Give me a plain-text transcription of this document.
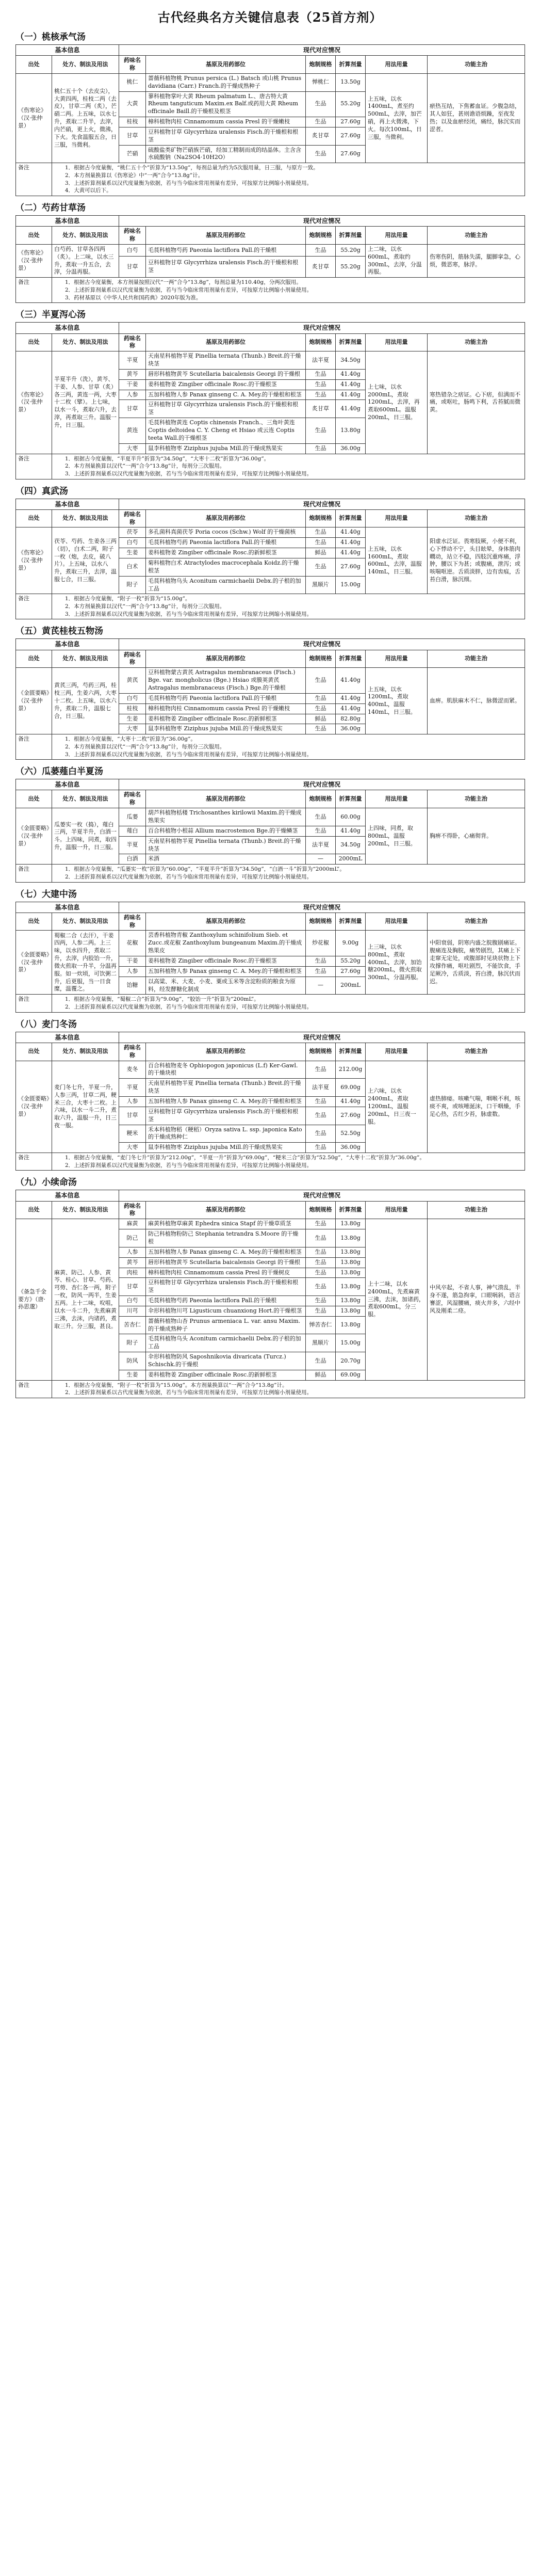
古代经典名方关键信息表（25首方剂）
（一）桃核承气汤
基本信息		现代对应情况					
出处	处方、制法及用法	药味名称	基原及用药部位	炮制规格	折算剂量	用法用量	功能主治
《伤寒论》（汉·张仲景）	桃仁五十个（去皮尖），大黄四两，桂枝二两（去皮），甘草二两（炙），芒硝二两。上五味，以水七升，煮取二升半，去滓，内芒硝，更上火，微沸，下火。先食温服五合，日三服，当微利。	桃仁	蔷薇科植物桃 Prunus persica (L.) Batsch 或山桃 Prunus davidiana (Carr.) Franch.的干燥成熟种子	惮桃仁	13.50g	上五味，以水 1400mL，煮至约500mL，去滓，加芒硝，再上火微沸，下火。每次100mL，日三服，当微利。	瘀热互结，下焦蓄血证。少腹急结，其人如狂，甚则谵语烦躁，至夜发热；以及血瘀经闭，痛经，脉沉实而涩者。
		大黄	蓼科植物掌叶大黄 Rheum palmatum L.、唐古特大黄 Rheum tanguticum Maxim.ex Balf.或药用大黄 Rheum officinale Baill.的干燥根及根茎	生品	55.20g		
		桂枝	樟科植物肉桂 Cinnamomum cassia Presl 的干燥嫩枝	生品	27.60g		
		甘草	豆科植物甘草 Glycyrrhiza uralensis Fisch.的干燥根和根茎	炙甘草	27.60g		
		芒硝	硫酸盐类矿物芒硝族芒硝，经加工精制而成的结晶体。主含含水硫酸钠（Na2SO4·10H2O）	生品	27.60g		
备注	1．根据古今度量衡，“桃仁五十个”折算为“13.50g”，每剂总量为约为5次服用量，日三服，与原方一致。
2．本方剂量换算以《伤寒论》中“一两”合今“13.8g”计。
3．上述折算剂量系以汉代度量衡为依据，若与当今临床常用剂量有差异，可按原方比例缩小剂量使用。
4．大黄可以后下。						
（二）芍药甘草汤
基本信息		现代对应情况					
出处	处方、制法及用法	药味名称	基原及用药部位	炮制规格	折算剂量	用法用量	功能主治
《伤寒论》（汉·张仲景）	白芍药、甘草各四两（炙）。上二味，以水三升，煮取一升五合，去滓，分温再服。	白芍	毛茛科植物芍药 Paeonia lactiflora Pall.的干燥根	生品	55.20g	上二味，以水600mL，煮取约300mL，去滓，分温再服。	伤寒伤阴，筋脉失濡，腿脚挛急，心烦，微恶寒，脉浮。
		甘草	豆科植物甘草 Glycyrrhiza uralensis Fisch.的干燥根和根茎	炙甘草	55.20g		
备注	1．根据古今度量衡，本方剂量按照汉代“一两”合今“13.8g”，每剂总量为110.40g，分两次服用。
2．上述折算剂量系以汉代度量衡为依据，若与当今临床常用剂量有差异，可按原方比例缩小剂量使用。
3．药材基原以《中华人民共和国药典》2020年版为准。						
（三）半夏泻心汤
基本信息		现代对应情况					
出处	处方、制法及用法	药味名称	基原及用药部位	炮制规格	折算剂量	用法用量	功能主治
《伤寒论》（汉·张仲景）	半夏半升（洗），黄芩、干姜、人参、甘草（炙）各三两，黄连一两，大枣十二枚（擘）。上七味，以水一斗，煮取六升，去滓，再煮取三升。温服一升，日三服。	半夏	天南星科植物半夏 Pinellia ternata (Thunb.) Breit.的干燥块茎	法半夏	34.50g	上七味，以水2000mL，煮取1200mL，去滓，再煮取600mL。温服200mL，日三服。	寒热错杂之痞证。心下痞，但满而不痛，或呕吐，肠鸣下利，舌苔腻而微黄。
		黄芩	唇形科植物黄芩 Scutellaria baicalensis Georgi 的干燥根	生品	41.40g		
		干姜	姜科植物姜 Zingiber officinale Rosc.的干燥根茎	生品	41.40g		
		人参	五加科植物人参 Panax ginseng C. A. Mey.的干燥根和根茎	生品	41.40g		
		甘草	豆科植物甘草 Glycyrrhiza uralensis Fisch.的干燥根和根茎	炙甘草	41.40g		
		黄连	毛茛科植物黄连 Coptis chinensis Franch.、三角叶黄连 Coptis deltoidea C. Y. Cheng et Hsiao 或云连 Coptis teeta Wall.的干燥根茎	生品	13.80g		
		大枣	鼠李科植物枣 Ziziphus jujuba Mill.的干燥成熟果实	生品	36.00g		
备注	1．根据古今度量衡，“半夏半升”折算为“34.50g”，“大枣十二枚”折算为“36.00g”。
2．本方剂量换算以汉代“一两”合今“13.8g”计，每剂分三次服用。
3．上述折算剂量系以汉代度量衡为依据，若与当今临床常用剂量有差异，可按原方比例缩小剂量使用。						
（四）真武汤
基本信息		现代对应情况					
出处	处方、制法及用法	药味名称	基原及用药部位	炮制规格	折算剂量	用法用量	功能主治
《伤寒论》（汉·张仲景）	茯苓、芍药、生姜各三两（切），白术二两，附子一枚（炮，去皮，破八片）。上五味，以水八升，煮取三升，去滓，温服七合，日三服。	茯苓	多孔菌科真菌茯苓 Poria cocos (Schw.) Wolf 的干燥菌核	生品	41.40g	上五味，以水1600mL，煮取600mL，去滓，温服140mL，日三服。	阳虚水泛证。畏寒肢厥，小便不利，心下悸动不宁，头目眩晕，身体筋肉瞤动，站立不稳，四肢沉重疼痛，浮肿，腰以下为甚；或腹痛，泄泻；或咳喘呕逆。舌质淡胖，边有齿痕，舌苔白滑，脉沉细。
		白芍	毛茛科植物芍药 Paeonia lactiflora Pall.的干燥根	生品	41.40g		
		生姜	姜科植物姜 Zingiber officinale Rosc.的新鲜根茎	鲜品	41.40g		
		白术	菊科植物白术 Atractylodes macrocephala Koidz.的干燥根茎	生品	27.60g		
		附子	毛茛科植物乌头 Aconitum carmichaelii Debx.的子根的加工品	黑顺片	15.00g		
备注	1．根据古今度量衡，“附子一枚”折算为“15.00g”。
2．本方剂量换算以汉代“一两”合今“13.8g”计，每剂分三次服用。
3．上述折算剂量系以汉代度量衡为依据，若与当今临床常用剂量有差异，可按原方比例缩小剂量使用。						
（五）黄芪桂枝五物汤
基本信息		现代对应情况					
出处	处方、制法及用法	药味名称	基原及用药部位	炮制规格	折算剂量	用法用量	功能主治
《金匮要略》（汉·张仲景）	黄芪三两，芍药三两，桂枝三两，生姜六两，大枣十二枚。上五味，以水六升，煮取二升，温服七合，日三服。	黄芪	豆科植物蒙古黄芪 Astragalus membranaceus (Fisch.) Bge. var. mongholicus (Bge.) Hsiao 或膜荚黄芪 Astragalus membranaceus (Fisch.) Bge.的干燥根	生品	41.40g	上五味，以水1200mL，煮取400mL，温服140mL，日三服。	血痹。肌肤麻木不仁，脉微涩而紧。
		白芍	毛茛科植物芍药 Paeonia lactiflora Pall.的干燥根	生品	41.40g		
		桂枝	樟科植物肉桂 Cinnamomum cassia Presl 的干燥嫩枝	生品	41.40g		
		生姜	姜科植物姜 Zingiber officinale Rosc.的新鲜根茎	鲜品	82.80g		
		大枣	鼠李科植物枣 Ziziphus jujuba Mill.的干燥成熟果实	生品	36.00g		
备注	1．根据古今度量衡，“大枣十二枚”折算为“36.00g”。
2．本方剂量换算以汉代“一两”合今“13.8g”计，每剂分三次服用。
3．上述折算剂量系以汉代度量衡为依据，若与当今临床常用剂量有差异，可按原方比例缩小剂量使用。						
（六）瓜蒌薤白半夏汤
基本信息		现代对应情况					
出处	处方、制法及用法	药味名称	基原及用药部位	炮制规格	折算剂量	用法用量	功能主治
《金匮要略》（汉·张仲景）	瓜蒌实一枚（捣），薤白三两，半夏半升，白酒一斗。上四味，同煮，取四升，温服一升，日三服。	瓜蒌	葫芦科植物栝楼 Trichosanthes kirilowii Maxim.的干燥成熟果实	生品	60.00g	上四味，同煮，取800mL，温服200mL，日三服。	胸痹不得卧，心痛彻背。
		薤白	百合科植物小根蒜 Allium macrostemon Bge.的干燥鳞茎	生品	41.40g		
		半夏	天南星科植物半夏 Pinellia ternata (Thunb.) Breit.的干燥块茎	法半夏	34.50g		
		白酒	米酒	—	2000mL		
备注	1．根据古今度量衡，“瓜蒌实一枚”折算为“60.00g”，“半夏半升”折算为“34.50g”，“白酒一斗”折算为“2000mL”。
2．上述折算剂量系以汉代度量衡为依据，若与当今临床常用剂量有差异，可按原方比例缩小剂量使用。						
（七）大建中汤
基本信息		现代对应情况					
出处	处方、制法及用法	药味名称	基原及用药部位	炮制规格	折算剂量	用法用量	功能主治
《金匮要略》（汉·张仲景）	蜀椒二合（去汗），干姜四两，人参二两。上三味，以水四升，煮取二升，去滓，内胶饴一升，微火煎取一升半，分温再服。如一炊顷，可饮粥二升，后更服，当一日食糜，温覆之。	花椒	芸香科植物青椒 Zanthoxylum schinifolium Sieb. et Zucc.或花椒 Zanthoxylum bungeanum Maxim.的干燥成熟果皮	炒花椒	9.00g	上三味，以水800mL，煮取400mL，去滓，加饴糖200mL，微火煎取300mL，分温再服。	中阳衰弱，阴寒内盛之脘腹剧痛证。腹痛连及胸脘，痛势剧烈，其痛上下走窜无定处，或腹部时见块状物上下攻撑作痛，呕吐剧烈，不能饮食，手足厥冷，舌质淡，苔白滑，脉沉伏而迟。
		干姜	姜科植物姜 Zingiber officinale Rosc.的干燥根茎	生品	55.20g		
		人参	五加科植物人参 Panax ginseng C. A. Mey.的干燥根和根茎	生品	27.60g		
		饴糖	以高粱、米、大麦、小麦、粟或玉米等含淀粉质的粮食为原料，经发酵糖化制成	—	200mL		
备注	1．根据古今度量衡，“蜀椒二合”折算为“9.00g”，“胶饴一升”折算为“200mL”。
2．上述折算剂量系以汉代度量衡为依据，若与当今临床常用剂量有差异，可按原方比例缩小剂量使用。						
（八）麦门冬汤
基本信息		现代对应情况					
出处	处方、制法及用法	药味名称	基原及用药部位	炮制规格	折算剂量	用法用量	功能主治
《金匮要略》（汉·张仲景）	麦门冬七升，半夏一升，人参三两，甘草二两，粳米三合，大枣十二枚。上六味，以水一斗二升，煮取六升，温服一升，日三夜一服。	麦冬	百合科植物麦冬 Ophiopogon japonicus (L.f) Ker-Gawl.的干燥块根	生品	212.00g	上六味，以水2400mL，煮取1200mL，温服200mL，日三夜一服。	虚热肺痿。咳嗽气喘，咽喉不利，咳痰不爽，或咳唾涎沫，口干咽燥，手足心热，舌红少苔，脉虚数。
		半夏	天南星科植物半夏 Pinellia ternata (Thunb.) Breit.的干燥块茎	法半夏	69.00g		
		人参	五加科植物人参 Panax ginseng C. A. Mey.的干燥根和根茎	生品	41.40g		
		甘草	豆科植物甘草 Glycyrrhiza uralensis Fisch.的干燥根和根茎	生品	27.60g		
		粳米	禾本科植物稻（粳稻）Oryza sativa L. ssp. japonica Kato 的干燥成熟种仁	生品	52.50g		
		大枣	鼠李科植物枣 Ziziphus jujuba Mill.的干燥成熟果实	生品	36.00g		
备注	1．根据古今度量衡，“麦门冬七升”折算为“212.00g”，“半夏一升”折算为“69.00g”，“粳米三合”折算为“52.50g”，“大枣十二枚”折算为“36.00g”。
2．上述折算剂量系以汉代度量衡为依据，若与当今临床常用剂量有差异，可按原方比例缩小剂量使用。						
（九）小续命汤
基本信息		现代对应情况					
出处	处方、制法及用法	药味名称	基原及用药部位	炮制规格	折算剂量	用法用量	功能主治
《备急千金要方》（唐·孙思邈）	麻黄、防己、人参、黄芩、桂心、甘草、芍药、芎䓖、杏仁各一两，附子一枚，防风一两半，生姜五两。上十二味，㕮咀，以水一斗二升，先煮麻黄三沸，去沫，内诸药，煮取三升。分三服，甚良。	麻黄	麻黄科植物草麻黄 Ephedra sinica Stapf 的干燥草质茎	生品	13.80g	上十二味，以水2400mL，先煮麻黄三沸，去沫，加诸药，煮取600mL，分三服。	中风卒起，不省人事，神气溃乱，半身不遂，筋急拘挛，口眼㖞斜，语言謇涩，风湿腰痛，痰火并多，六经中风及刚柔二痉。
		防己	防己科植物粉防己 Stephania tetrandra S.Moore 的干燥根	生品	13.80g		
		人参	五加科植物人参 Panax ginseng C. A. Mey.的干燥根和根茎	生品	13.80g		
		黄芩	唇形科植物黄芩 Scutellaria baicalensis Georgi 的干燥根	生品	13.80g		
		肉桂	樟科植物肉桂 Cinnamomum cassia Presl 的干燥树皮	生品	13.80g		
		甘草	豆科植物甘草 Glycyrrhiza uralensis Fisch.的干燥根和根茎	生品	13.80g		
		白芍	毛茛科植物芍药 Paeonia lactiflora Pall.的干燥根	生品	13.80g		
		川芎	伞形科植物川芎 Ligusticum chuanxiong Hort.的干燥根茎	生品	13.80g		
		苦杏仁	蔷薇科植物山杏 Prunus armeniaca L. var. ansu Maxim.的干燥成熟种子	惮苦杏仁	13.80g		
		附子	毛茛科植物乌头 Aconitum carmichaelii Debx.的子根的加工品	黑顺片	15.00g		
		防风	伞形科植物防风 Saposhnikovia divaricata (Turcz.) Schischk.的干燥根	生品	20.70g		
		生姜	姜科植物姜 Zingiber officinale Rosc.的新鲜根茎	鲜品	69.00g		
备注	1．根据古今度量衡，“附子一枚”折算为“15.00g”。本方剂量换算以“一两”合今“13.8g”计。
2．上述折算剂量系以古代度量衡为依据，若与当今临床常用剂量有差异，可按原方比例缩小剂量使用。						
